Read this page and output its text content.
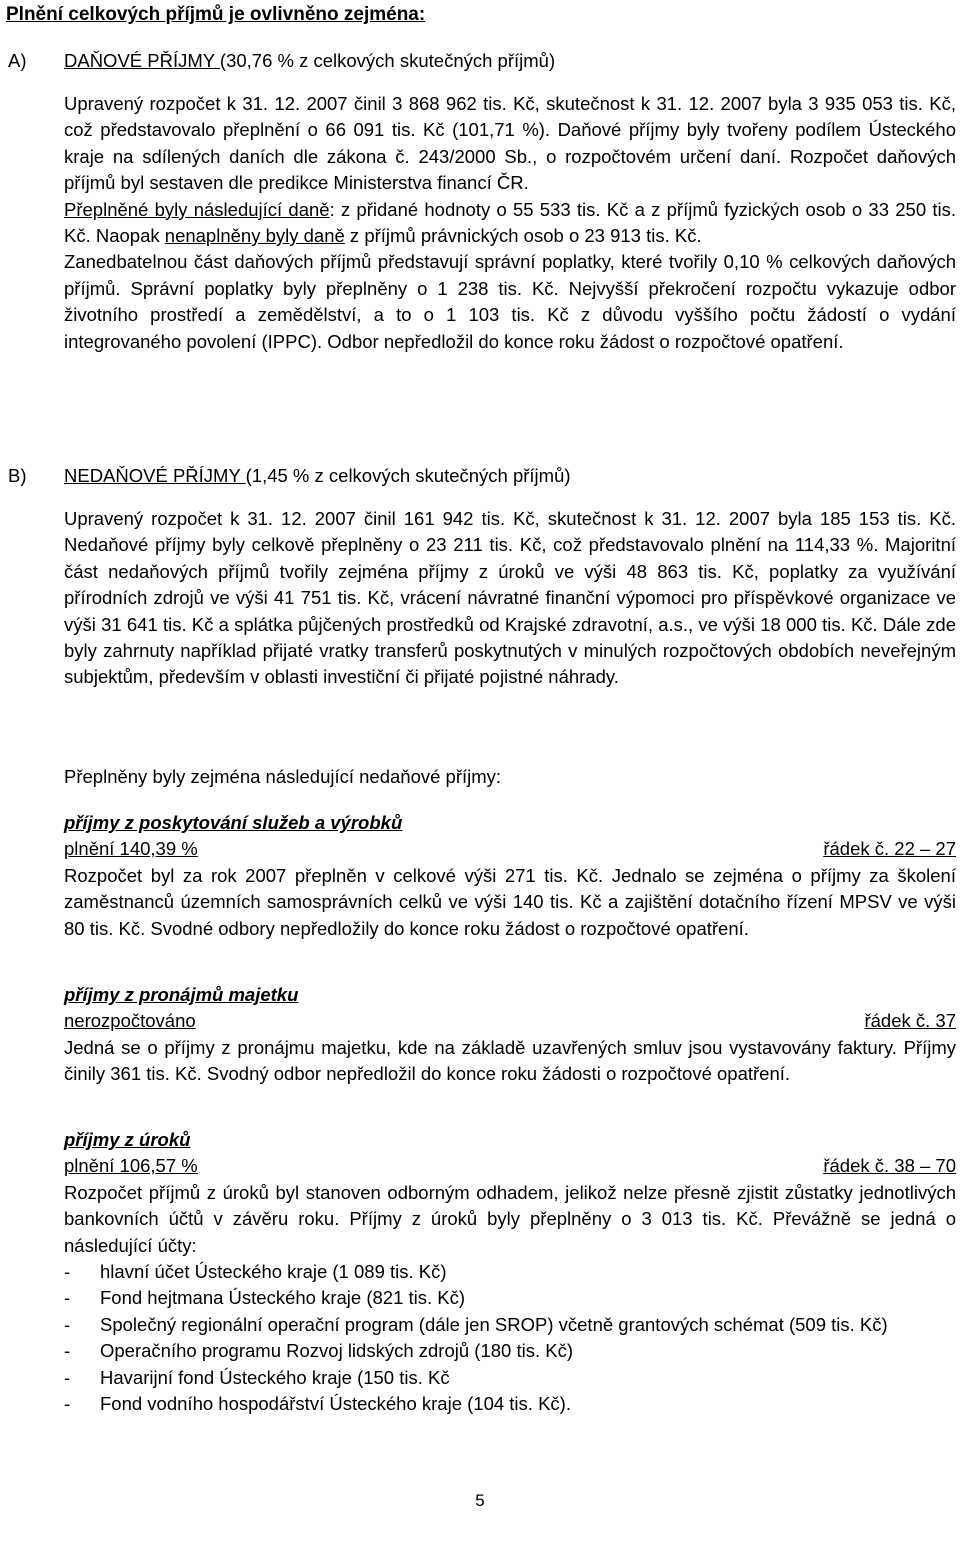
Plnění celkových příjmů je ovlivněno zejména:
A) DAŇOVÉ PŘÍJMY (30,76 % z celkových skutečných příjmů)

Upravený rozpočet k 31. 12. 2007 činil 3 868 962 tis. Kč, skutečnost k 31. 12. 2007 byla 3 935 053 tis. Kč, což představovalo přeplnění o 66 091 tis. Kč (101,71 %). Daňové příjmy byly tvořeny podílem Ústeckého kraje na sdílených daních dle zákona č. 243/2000 Sb., o rozpočtovém určení daní. Rozpočet daňových příjmů byl sestaven dle predikce Ministerstva financí ČR.

Přeplněné byly následující daně: z přidané hodnoty o 55 533 tis. Kč a z příjmů fyzických osob o 33 250 tis. Kč. Naopak nenaplněny byly daně z příjmů právnických osob o 23 913 tis. Kč.

Zanedbatelnou část daňových příjmů představují správní poplatky, které tvořily 0,10 % celkových daňových příjmů. Správní poplatky byly přeplněny o 1 238 tis. Kč. Nejvyšší překročení rozpočtu vykazuje odbor životního prostředí a zemědělství, a to o 1 103 tis. Kč z důvodu vyššího počtu žádostí o vydání integrovaného povolení (IPPC). Odbor nepředložil do konce roku žádost o rozpočtové opatření.

B) NEDAŇOVÉ PŘÍJMY (1,45 % z celkových skutečných příjmů)

Upravený rozpočet k 31. 12. 2007 činil 161 942 tis. Kč, skutečnost k 31. 12. 2007 byla 185 153 tis. Kč. Nedaňové příjmy byly celkově přeplněny o 23 211 tis. Kč, což představovalo plnění na 114,33 %. Majoritní část nedaňových příjmů tvořily zejména příjmy z úroků ve výši 48 863 tis. Kč, poplatky za využívání přírodních zdrojů ve výši 41 751 tis. Kč, vrácení návratné finanční výpomoci pro příspěvkové organizace ve výši 31 641 tis. Kč a splátka půjčených prostředků od Krajské zdravotní, a.s., ve výši 18 000 tis. Kč. Dále zde byly zahrnuty například přijaté vratky transferů poskytnutých v minulých rozpočtových obdobích neveřejným subjektům, především v oblasti investiční či přijaté pojistné náhrady.

Přeplněny byly zejména následující nedaňové příjmy:

příjmy z poskytování služeb a výrobků

plnění 140,39 %	řádek č. 22 – 27

Rozpočet byl za rok 2007 přeplněn v celkové výši 271 tis. Kč. Jednalo se zejména o příjmy za školení zaměstnanců územních samosprávních celků ve výši 140 tis. Kč a zajištění dotačního řízení MPSV ve výši 80 tis. Kč. Svodné odbory nepředložily do konce roku žádost o rozpočtové opatření.

příjmy z pronájmů majetku

nerozpočtováno	řádek č. 37

Jedná se o příjmy z pronájmu majetku, kde na základě uzavřených smluv jsou vystavovány faktury. Příjmy činily 361 tis. Kč. Svodný odbor nepředložil do konce roku žádosti o rozpočtové opatření.

příjmy z úroků

plnění 106,57 %	řádek č. 38 – 70

Rozpočet příjmů z úroků byl stanoven odborným odhadem, jelikož nelze přesně zjistit zůstatky jednotlivých bankovních účtů v závěru roku. Příjmy z úroků byly přeplněny o 3 013 tis. Kč. Převážně se jedná o následující účty:

- hlavní účet Ústeckého kraje (1 089 tis. Kč)
- Fond hejtmana Ústeckého kraje (821 tis. Kč)
- Společný regionální operační program (dále jen SROP) včetně grantových schémat (509 tis. Kč)
- Operačního programu Rozvoj lidských zdrojů (180 tis. Kč)
- Havarijní fond Ústeckého kraje (150 tis. Kč
- Fond vodního hospodářství Ústeckého kraje (104 tis. Kč).
5
